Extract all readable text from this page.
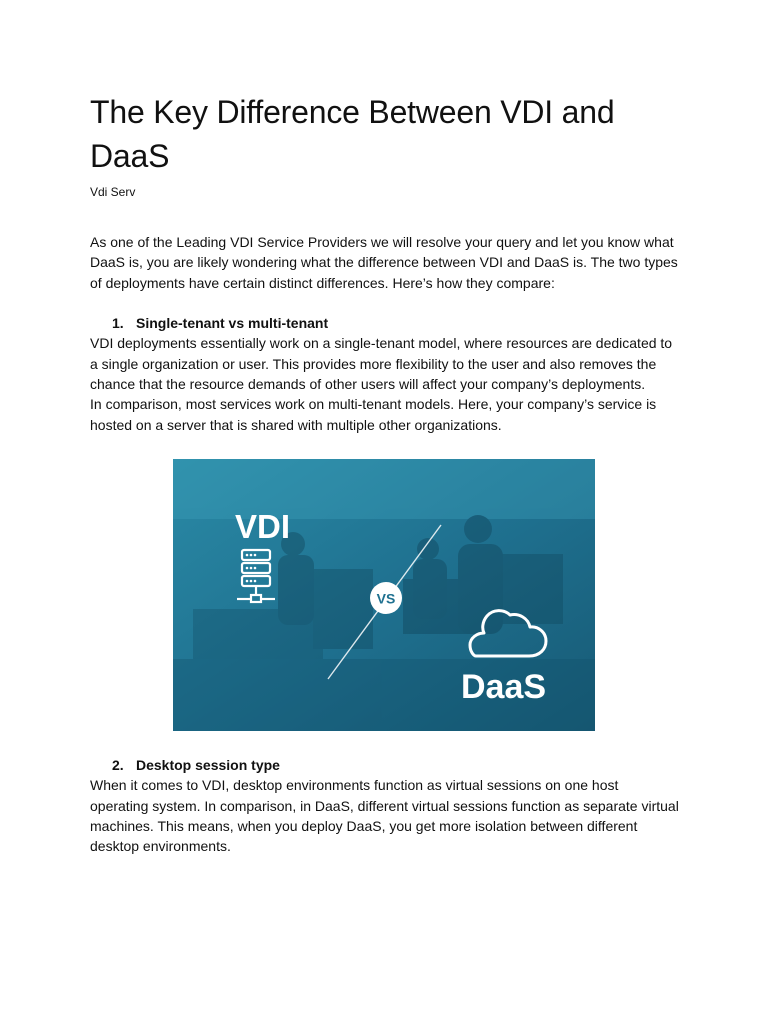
The Key Difference Between VDI and DaaS

Vdi Serv

As one of the Leading VDI Service Providers we will resolve your query and let you know what DaaS is, you are likely wondering what the difference between VDI and DaaS is. The two types of deployments have certain distinct differences. Here’s how they compare:

1. Single-tenant vs multi-tenant

VDI deployments essentially work on a single-tenant model, where resources are dedicated to a single organization or user. This provides more flexibility to the user and also removes the chance that the resource demands of other users will affect your company’s deployments.

In comparison, most services work on multi-tenant models. Here, your company’s service is hosted on a server that is shared with multiple other organizations.

VDI
VS
DaaS
2. Desktop session type

When it comes to VDI, desktop environments function as virtual sessions on one host operating system. In comparison, in DaaS, different virtual sessions function as separate virtual machines. This means, when you deploy DaaS, you get more isolation between different desktop environments.
